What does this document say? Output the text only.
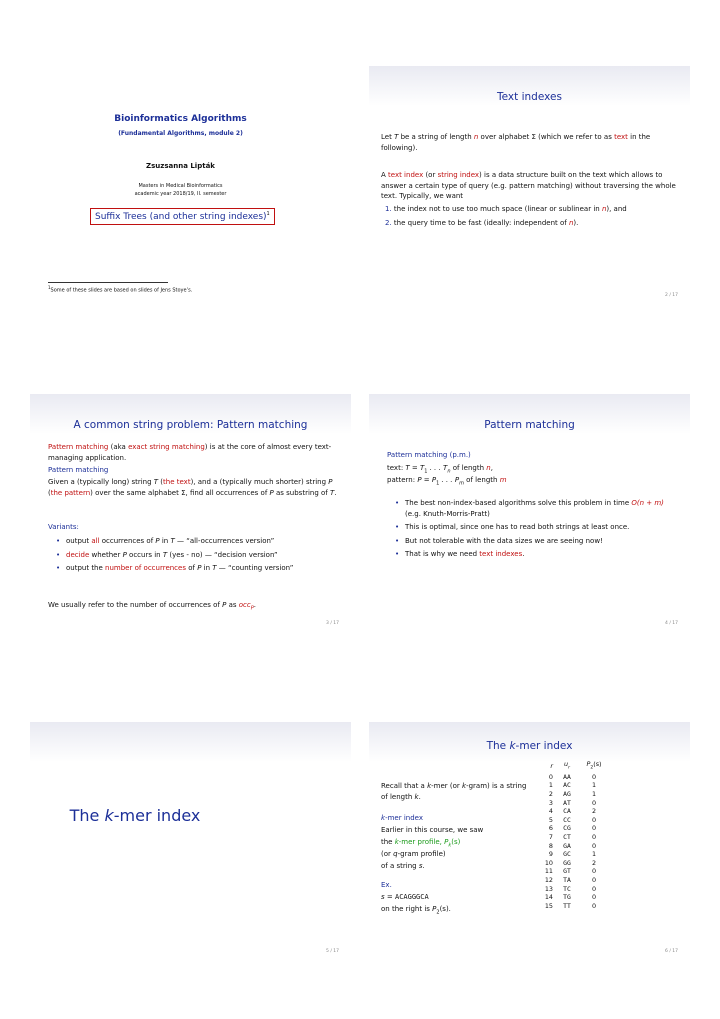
Bioinformatics Algorithms
(Fundamental Algorithms, module 2)
Zsuzsanna Lipták
Masters in Medical Bioinformatics
academic year 2018/19, II. semester
Suffix Trees (and other string indexes)$^1$
$^1$Some of these slides are based on slides of Jens Stoye’s.
Text indexes
Let T be a string of length n over alphabet Σ (which we refer to as text in the following).
A text index (or string index) is a data structure built on the text which allows to answer a certain type of query (e.g. pattern matching) without traversing the whole text. Typically, we want
1. the index not to use too much space (linear or sublinear in n), and
2. the query time to be fast (ideally: independent of n).
2 / 17
A common string problem: Pattern matching
Pattern matching (aka exact string matching) is at the core of almost every text-managing application.
Pattern matching
Given a (typically long) string T (the text), and a (typically much shorter) string P (the pattern) over the same alphabet Σ, find all occurrences of P as substring of T.
Variants:
• output all occurrences of P in T — “all-occurrences version”
• decide whether P occurs in T (yes - no) — “decision version”
• output the number of occurrences of P in T — “counting version”
We usually refer to the number of occurrences of P as occ$_P$.
3 / 17
Pattern matching
Pattern matching (p.m.)
text: $T = T_1$ . . . $T_n$ of length n,
pattern: $P = P_1$ . . . $P_m$ of length m
• The best non-index-based algorithms solve this problem in time O(n + m) (e.g. Knuth-Morris-Pratt)
• This is optimal, since one has to read both strings at least once.
• But not tolerable with the data sizes we are seeing now!
• That is why we need text indexes.
4 / 17
The k-mer index
5 / 17
The k-mer index
Recall that a k-mer (or k-gram) is a string of length k.
k-mer index
Earlier in this course, we saw
the k-mer profile, $P_k(s)$
(or q-gram profile)
of a string s.
Ex.
s = ACAGGGCA
on the right is $P_2(s)$.
r	$u_r$	$P_2(s)$
0	AA	0
1	AC	1
2	AG	1
3	AT	0
4	CA	2
5	CC	0
6	CG	0
7	CT	0
8	GA	0
9	GC	1
10	GG	2
11	GT	0
12	TA	0
13	TC	0
14	TG	0
15	TT	0
6 / 17
